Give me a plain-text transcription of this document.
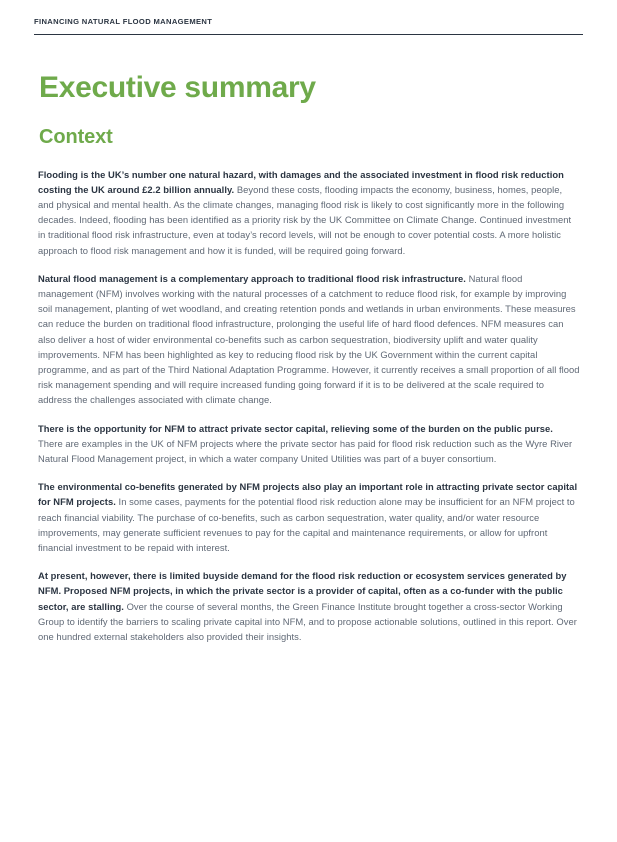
FINANCING NATURAL FLOOD MANAGEMENT
Executive summary
Context

Flooding is the UK’s number one natural hazard, with damages and the associated investment in flood risk reduction costing the UK around £2.2 billion annually. Beyond these costs, flooding impacts the economy, business, homes, people, and physical and mental health. As the climate changes, managing flood risk is likely to cost significantly more in the following decades. Indeed, flooding has been identified as a priority risk by the UK Committee on Climate Change. Continued investment in traditional flood risk infrastructure, even at today’s record levels, will not be enough to cover potential costs. A more holistic approach to flood risk management and how it is funded, will be required going forward.

Natural flood management is a complementary approach to traditional flood risk infrastructure. Natural flood management (NFM) involves working with the natural processes of a catchment to reduce flood risk, for example by improving soil management, planting of wet woodland, and creating retention ponds and wetlands in urban environments. These measures can reduce the burden on traditional flood infrastructure, prolonging the useful life of hard flood defences. NFM measures can also deliver a host of wider environmental co-benefits such as carbon sequestration, biodiversity uplift and water quality improvements. NFM has been highlighted as key to reducing flood risk by the UK Government within the current capital programme, and as part of the Third National Adaptation Programme. However, it currently receives a small proportion of all flood risk management spending and will require increased funding going forward if it is to be delivered at the scale required to address the challenges associated with climate change.

There is the opportunity for NFM to attract private sector capital, relieving some of the burden on the public purse. There are examples in the UK of NFM projects where the private sector has paid for flood risk reduction such as the Wyre River Natural Flood Management project, in which a water company United Utilities was part of a buyer consortium.

The environmental co-benefits generated by NFM projects also play an important role in attracting private sector capital for NFM projects. In some cases, payments for the potential flood risk reduction alone may be insufficient for an NFM project to reach financial viability. The purchase of co-benefits, such as carbon sequestration, water quality, and/or water resource improvements, may generate sufficient revenues to pay for the capital and maintenance requirements, or allow for upfront financial investment to be repaid with interest.

At present, however, there is limited buyside demand for the flood risk reduction or ecosystem services generated by NFM. Proposed NFM projects, in which the private sector is a provider of capital, often as a co-funder with the public sector, are stalling. Over the course of several months, the Green Finance Institute brought together a cross-sector Working Group to identify the barriers to scaling private capital into NFM, and to propose actionable solutions, outlined in this report. Over one hundred external stakeholders also provided their insights.
